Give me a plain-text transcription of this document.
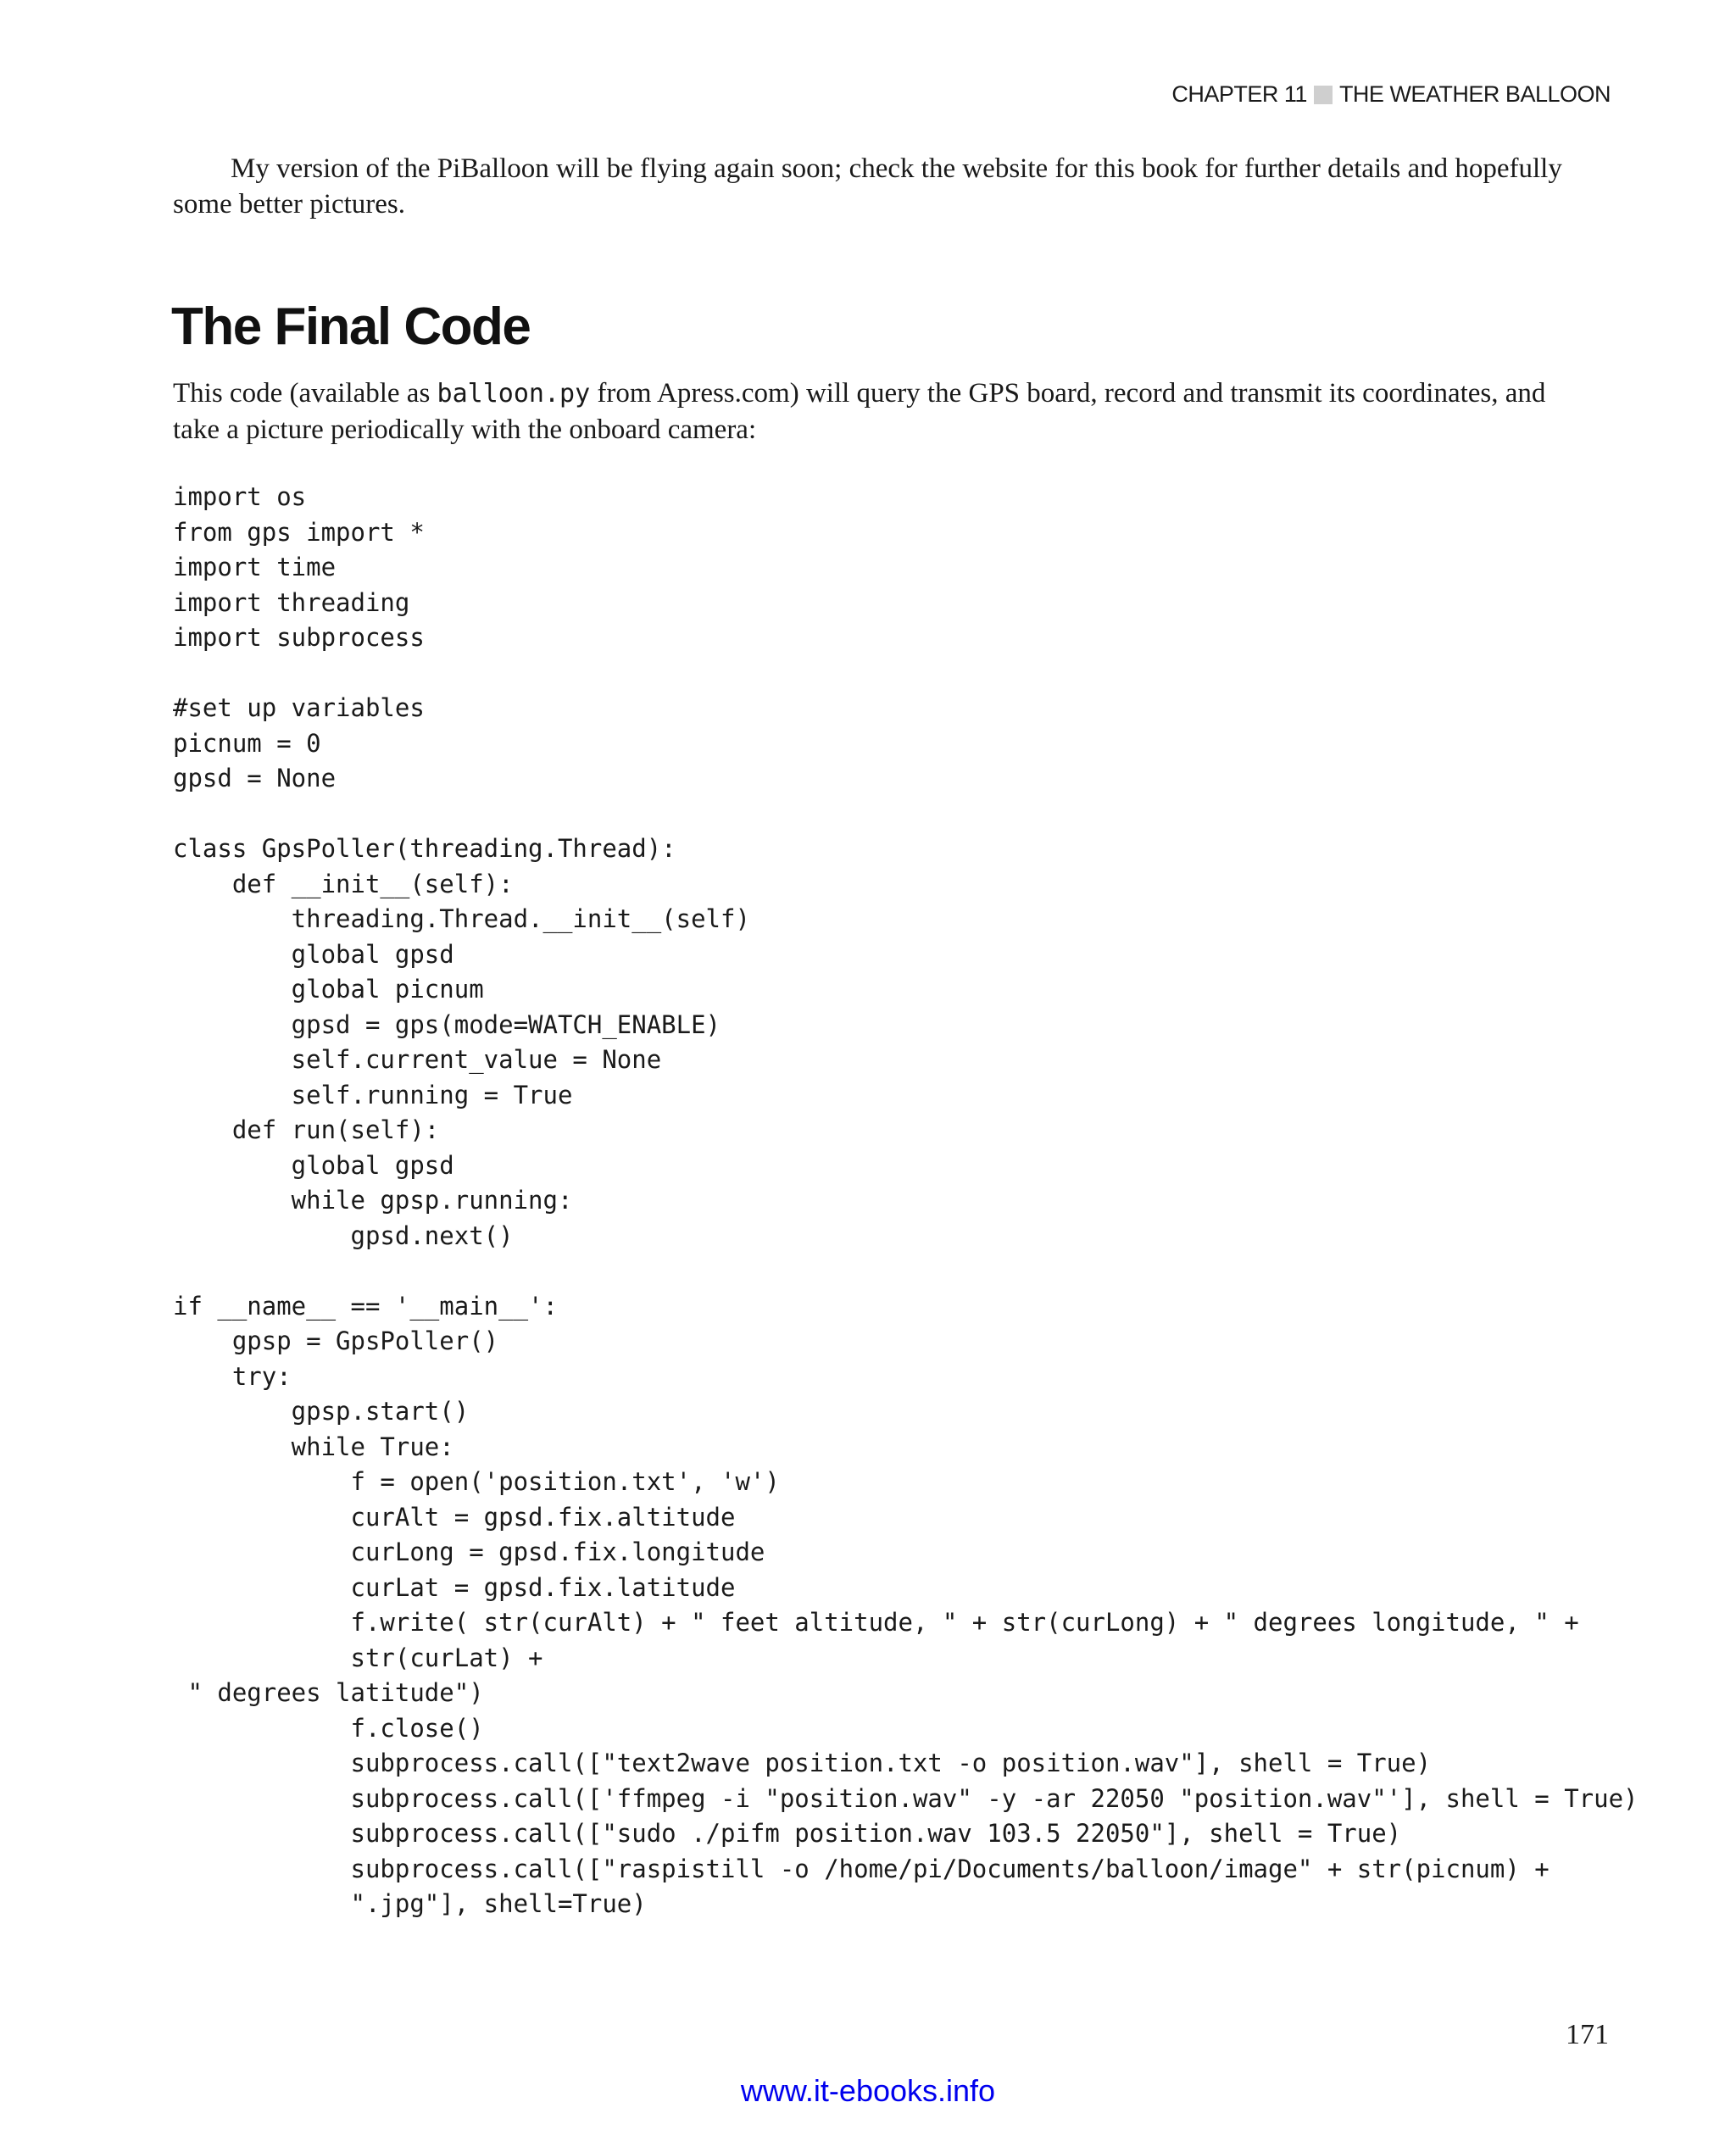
CHAPTER 11 THE WEATHER BALLOON

My version of the PiBalloon will be flying again soon; check the website for this book for further details and hopefully some better pictures.

The Final Code

This code (available as balloon.py from Apress.com) will query the GPS board, record and transmit its coordinates, and take a picture periodically with the onboard camera:

import os
from gps import *
import time
import threading
import subprocess

#set up variables
picnum = 0
gpsd = None

class GpsPoller(threading.Thread):
def __init__(self):
threading.Thread.__init__(self)
global gpsd
global picnum
gpsd = gps(mode=WATCH_ENABLE)
self.current_value = None
self.running = True
def run(self):
global gpsd
while gpsp.running:
gpsd.next()

if __name__ == '__main__':
gpsp = GpsPoller()
try:
gpsp.start()
while True:
f = open('position.txt', 'w')
curAlt = gpsd.fix.altitude
curLong = gpsd.fix.longitude
curLat = gpsd.fix.latitude
f.write( str(curAlt) + " feet altitude, " + str(curLong) + " degrees longitude, " +
str(curLat) +
" degrees latitude")
f.close()
subprocess.call(["text2wave position.txt -o position.wav"], shell = True)
subprocess.call(['ffmpeg -i "position.wav" -y -ar 22050 "position.wav"'], shell = True)
subprocess.call(["sudo ./pifm position.wav 103.5 22050"], shell = True)
subprocess.call(["raspistill -o /home/pi/Documents/balloon/image" + str(picnum) +
".jpg"], shell=True)
171
www.it-ebooks.info
